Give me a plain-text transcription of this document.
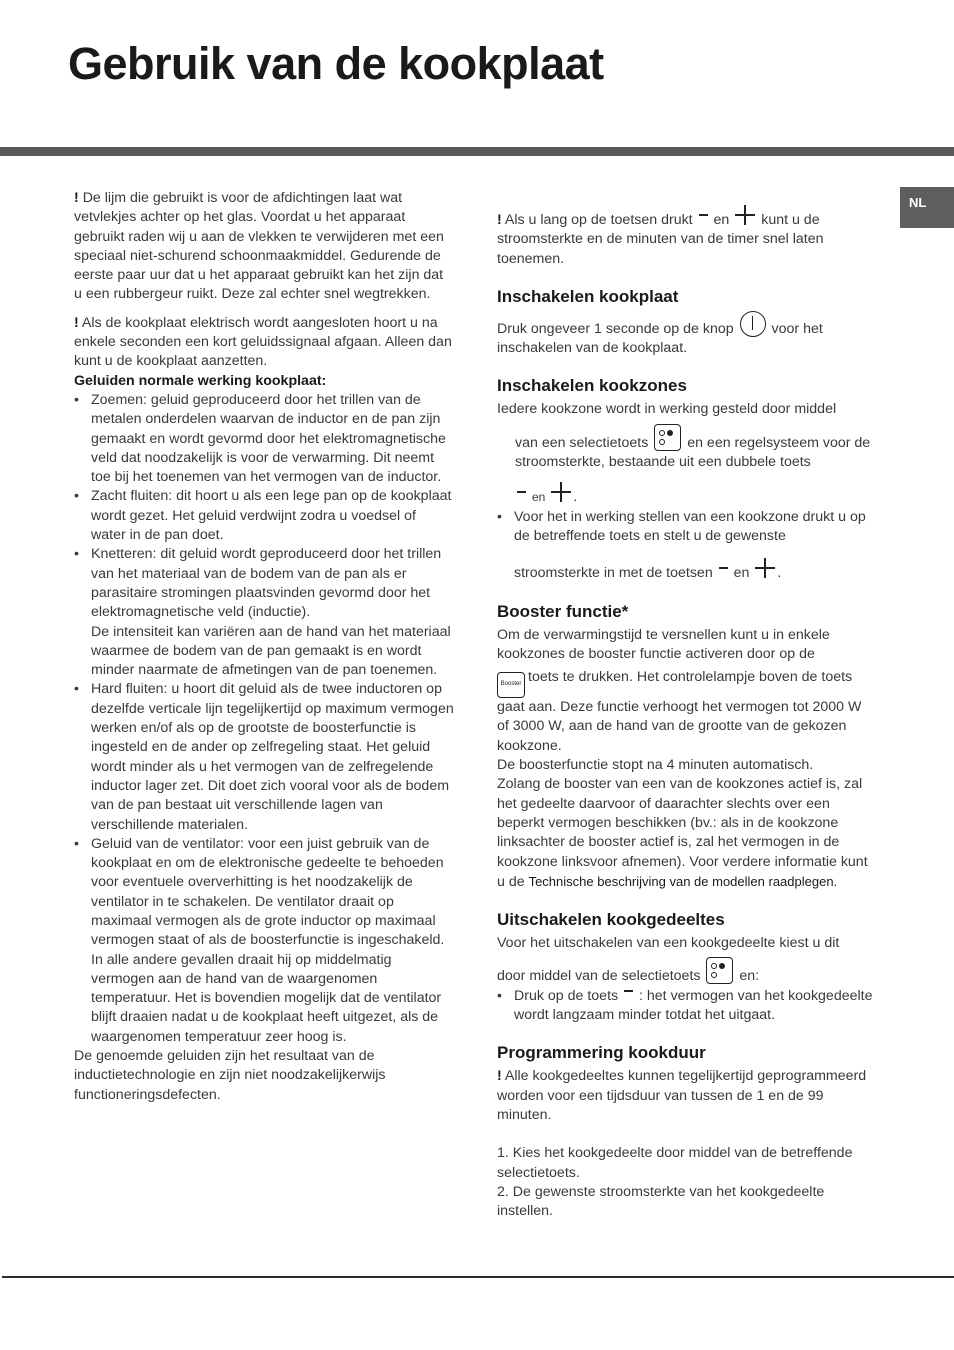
Gebruik van de kookplaat
NL

! De lijm die gebruikt is voor de afdichtingen laat wat vetvlekjes achter op het glas. Voordat u het apparaat gebruikt raden wij u aan de vlekken te verwijderen met een speciaal niet-schurend schoonmaakmiddel. Gedurende de eerste paar uur dat u het apparaat gebruikt kan het zijn dat u een rubbergeur ruikt. Deze zal echter snel wegtrekken.

! Als de kookplaat elektrisch wordt aangesloten hoort u na enkele seconden een kort geluidssignaal afgaan. Alleen dan kunt u de kookplaat aanzetten.

Geluiden normale werking kookplaat:

• Zoemen: geluid geproduceerd door het trillen van de metalen onderdelen waarvan de inductor en de pan zijn gemaakt en wordt gevormd door het elektromagnetische veld dat noodzakelijk is voor de verwarming. Dit neemt toe bij het toenemen van het vermogen van de inductor.
• Zacht fluiten: dit hoort u als een lege pan op de kookplaat wordt gezet. Het geluid verdwijnt zodra u voedsel of water in de pan doet.
• Knetteren: dit geluid wordt geproduceerd door het trillen van het materiaal van de bodem van de pan als er parasitaire stromingen plaatsvinden gevormd door het elektromagnetische veld (inductie).

De intensiteit kan variëren aan de hand van het materiaal waarmee de bodem van de pan gemaakt is en wordt minder naarmate de afmetingen van de pan toenemen.

• Hard fluiten: u hoort dit geluid als de twee inductoren op dezelfde verticale lijn tegelijkertijd op maximum vermogen werken en/of als op de grootste de boosterfunctie is ingesteld en de ander op zelfregeling staat. Het geluid wordt minder als u het vermogen van de zelfregelende inductor lager zet. Dit doet zich vooral voor als de bodem van de pan bestaat uit verschillende lagen van verschillende materialen.
• Geluid van de ventilator: voor een juist gebruik van de kookplaat en om de elektronische gedeelte te behoeden voor eventuele oververhitting is het noodzakelijk de ventilator in te schakelen. De ventilator draait op maximaal vermogen als de grote inductor op maximaal vermogen staat of als de boosterfunctie is ingeschakeld. In alle andere gevallen draait hij op middelmatig vermogen aan de hand van de waargenomen temperatuur. Het is bovendien mogelijk dat de ventilator blijft draaien nadat u de kookplaat heeft uitgezet, als de waargenomen temperatuur zeer hoog is.

De genoemde geluiden zijn het resultaat van de inductietechnologie en zijn niet noodzakelijkerwijs functioneringsdefecten.

! Als u lang op de toetsen drukt en kunt u de stroomsterkte en de minuten van de timer snel laten toenemen.

Inschakelen kookplaat

Druk ongeveer 1 seconde op de knop	voor het inschakelen van de kookplaat.

Inschakelen kookzones

Iedere kookzone wordt in werking gesteld door middel

van een selectietoets	en een regelsysteem voor de stroomsterkte, bestaande uit een dubbele toets

en .

• Voor het in werking stellen van een kookzone drukt u op de betreffende toets en stelt u de gewenste

stroomsterkte in met de toetsen en .

Booster functie*

Om de verwarmingstijd te versnellen kunt u in enkele kookzones de booster functie activeren door op de

Booster toets te drukken. Het controlelampje boven de toets gaat aan. Deze functie verhoogt het vermogen tot 2000 W of 3000 W, aan de hand van de grootte van de gekozen kookzone.

De boosterfunctie stopt na 4 minuten automatisch.

Zolang de booster van een van de kookzones actief is, zal het gedeelte daarvoor of daarachter slechts over een beperkt vermogen beschikken (bv.: als in de kookzone linksachter de booster actief is, zal het vermogen in de kookzone linksvoor afnemen). Voor verdere informatie kunt u de Technische beschrijving van de modellen raadplegen.

Uitschakelen kookgedeeltes

Voor het uitschakelen van een kookgedeelte kiest u dit

door middel van de selectietoets	en:

• Druk op de toets : het vermogen van het kookgedeelte wordt langzaam minder totdat het uitgaat.
Programmering kookduur

! Alle kookgedeeltes kunnen tegelijkertijd geprogrammeerd worden voor een tijdsduur van tussen de 1 en de 99 minuten.

1. Kies het kookgedeelte door middel van de betreffende selectietoets.

2. De gewenste stroomsterkte van het kookgedeelte instellen.
